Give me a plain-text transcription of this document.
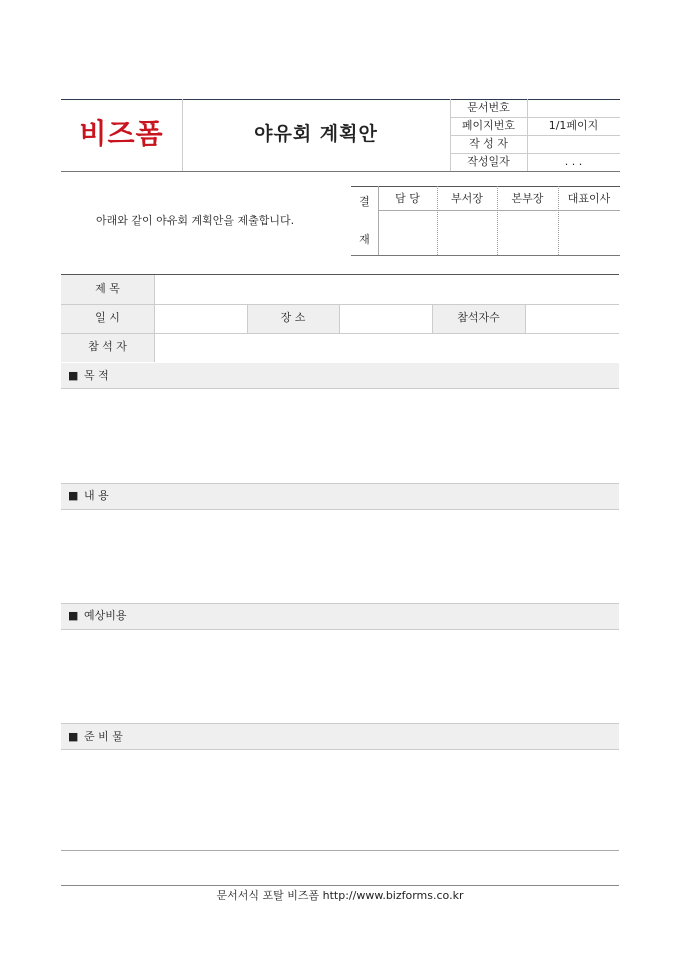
비즈폼	야유회 계획안
문서번호
페이지번호	1/1페이지
작 성 자
작성일자	. . .
아래와 같이 야유회 계획안을 제출합니다.
결
재
담 당	부서장	본부장	대표이사
제 목
일 시	장 소	참석자수
참 석 자
■ 목 적
■ 내 용
■ 예상비용
■ 준 비 물
문서서식 포탈 비즈폼 http://www.bizforms.co.kr
